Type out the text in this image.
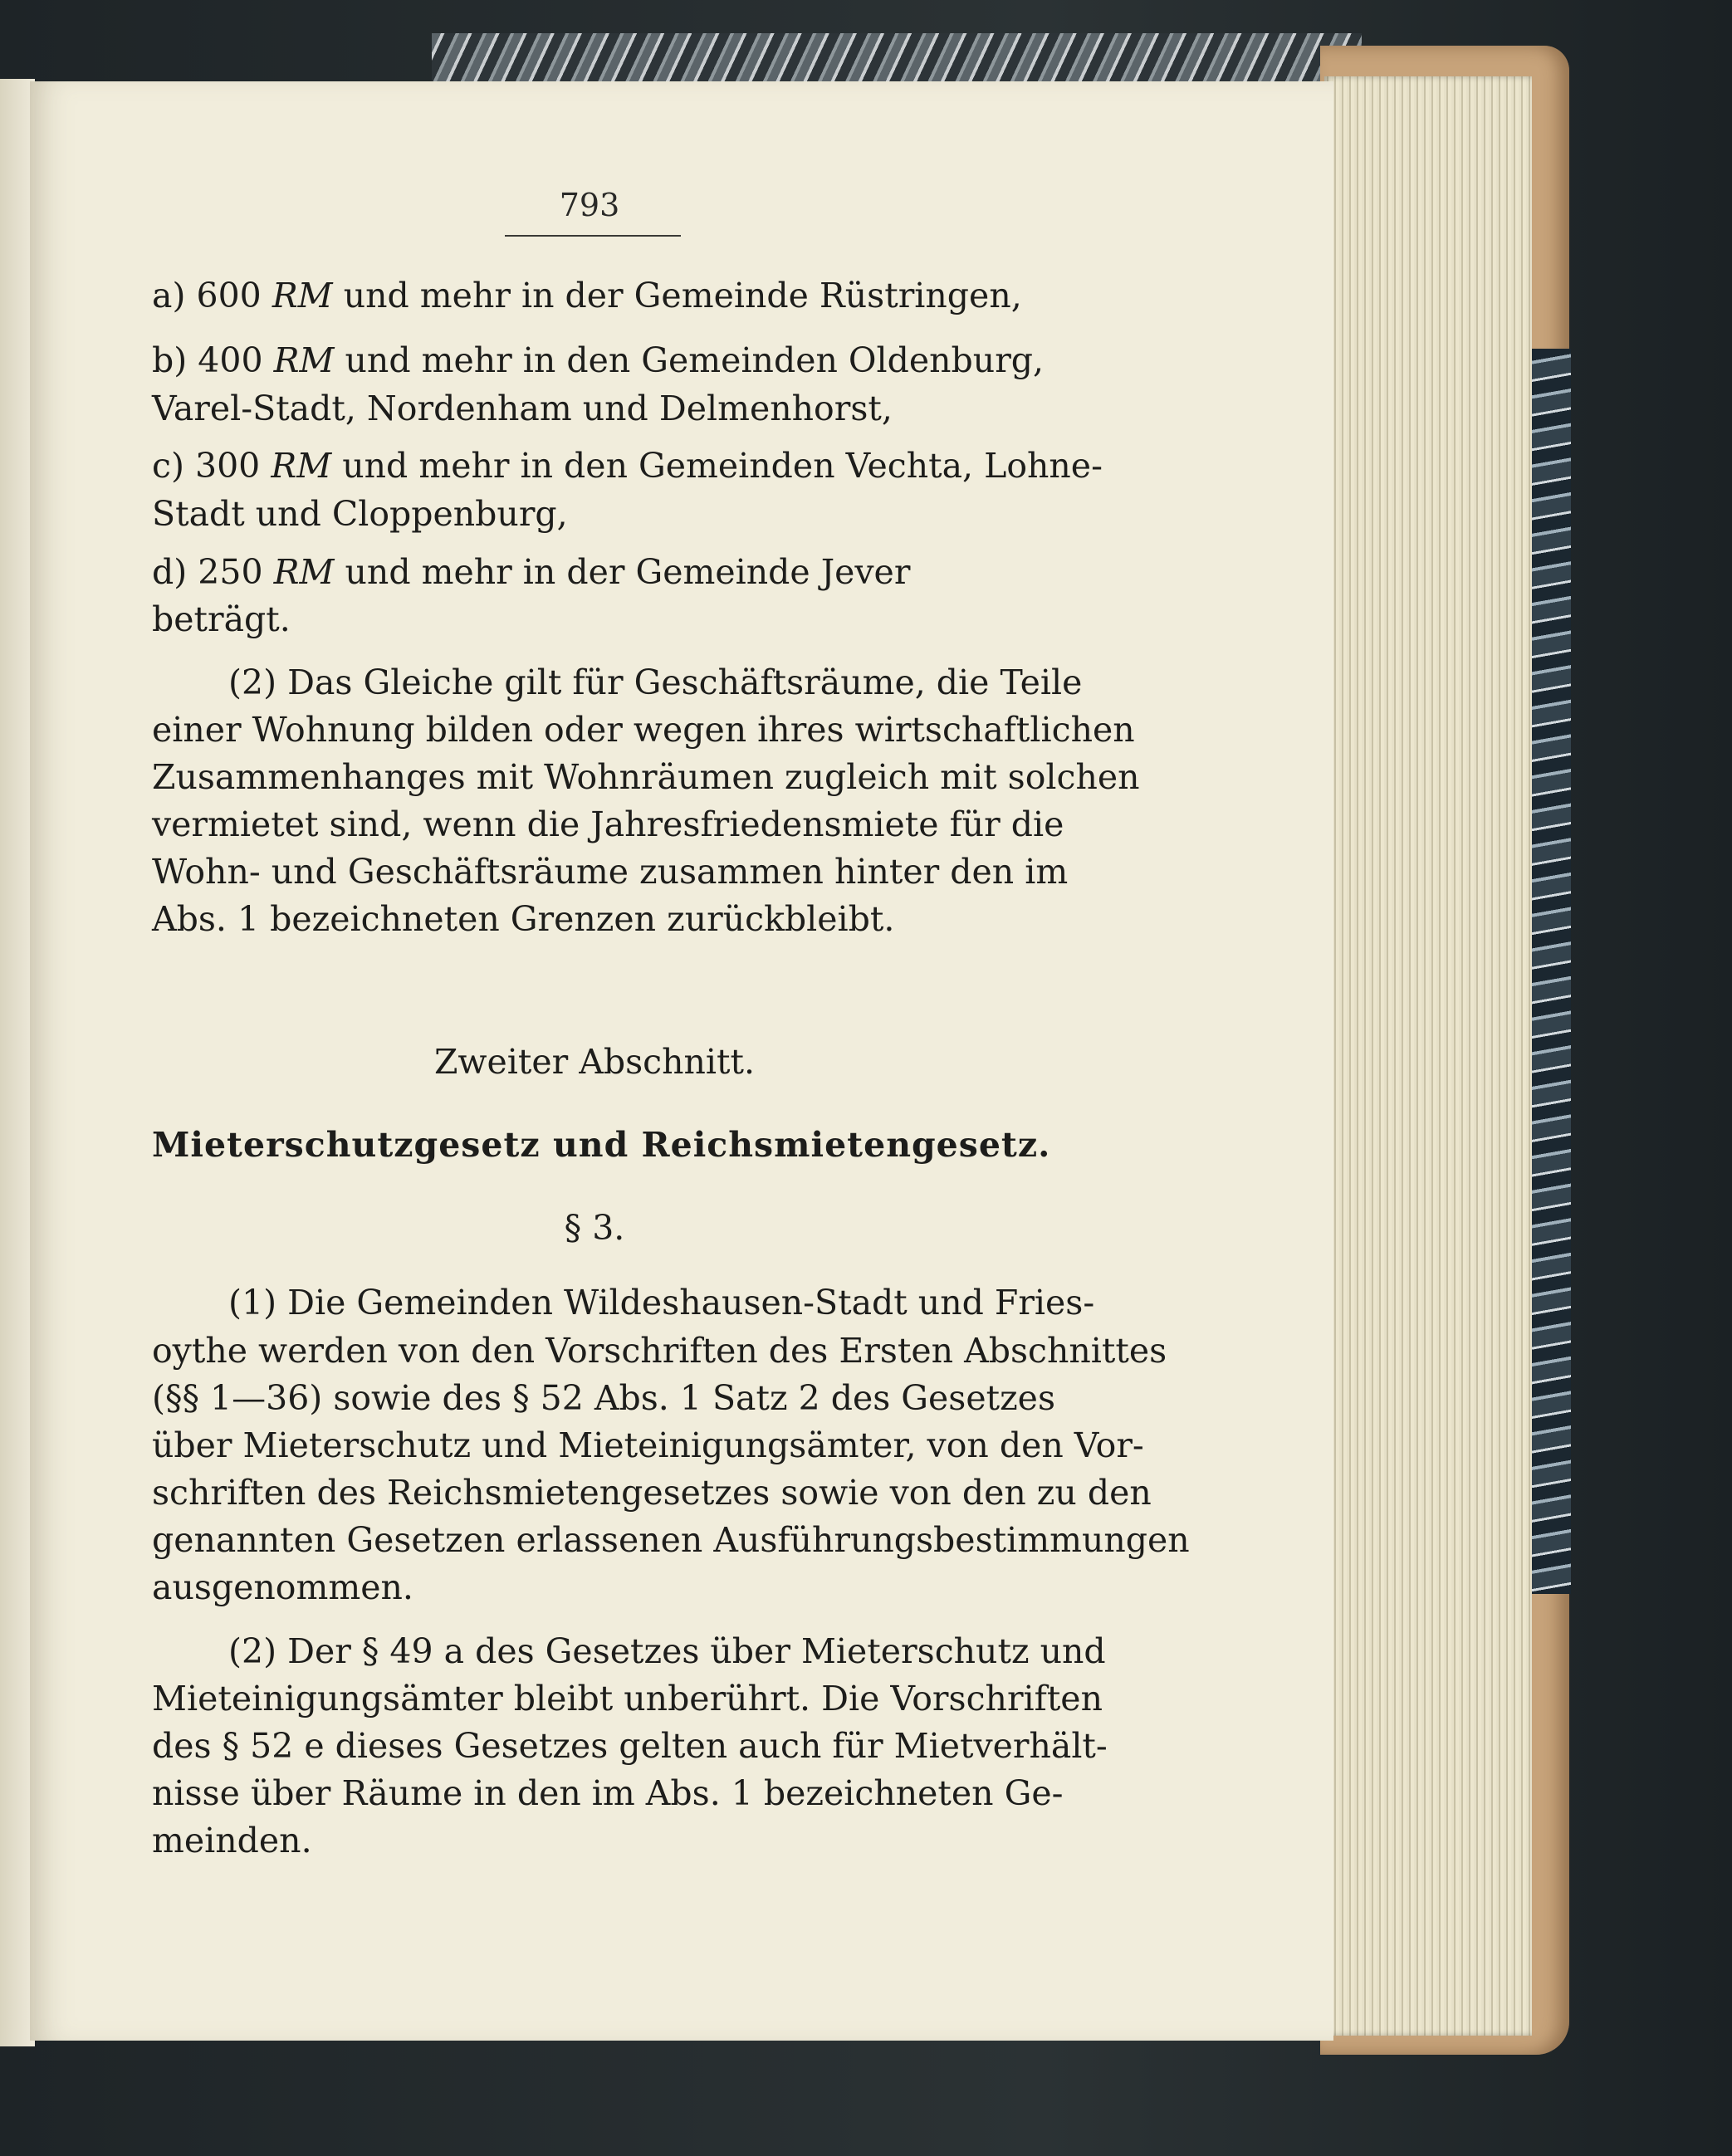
793
a) 600 RM und mehr in der Gemeinde Rüstringen,
b) 400 RM und mehr in den Gemeinden Oldenburg,
Varel-Stadt, Nordenham und Delmenhorst,
c) 300 RM und mehr in den Gemeinden Vechta, Lohne-
Stadt und Cloppenburg,
d) 250 RM und mehr in der Gemeinde Jever
beträgt.
(2) Das Gleiche gilt für Geschäftsräume, die Teile
einer Wohnung bilden oder wegen ihres wirtschaftlichen
Zusammenhanges mit Wohnräumen zugleich mit solchen
vermietet sind, wenn die Jahresfriedensmiete für die
Wohn- und Geschäftsräume zusammen hinter den im
Abs. 1 bezeichneten Grenzen zurückbleibt.
Zweiter Abschnitt.
Mieterschutzgesetz und Reichsmietengesetz.
§ 3.
(1) Die Gemeinden Wildeshausen-Stadt und Fries-
oythe werden von den Vorschriften des Ersten Abschnittes
(§§ 1—36) sowie des § 52 Abs. 1 Satz 2 des Gesetzes
über Mieterschutz und Mieteinigungsämter, von den Vor-
schriften des Reichsmietengesetzes sowie von den zu den
genannten Gesetzen erlassenen Ausführungsbestimmungen
ausgenommen.
(2) Der § 49 a des Gesetzes über Mieterschutz und
Mieteinigungsämter bleibt unberührt. Die Vorschriften
des § 52 e dieses Gesetzes gelten auch für Mietverhält-
nisse über Räume in den im Abs. 1 bezeichneten Ge-
meinden.
